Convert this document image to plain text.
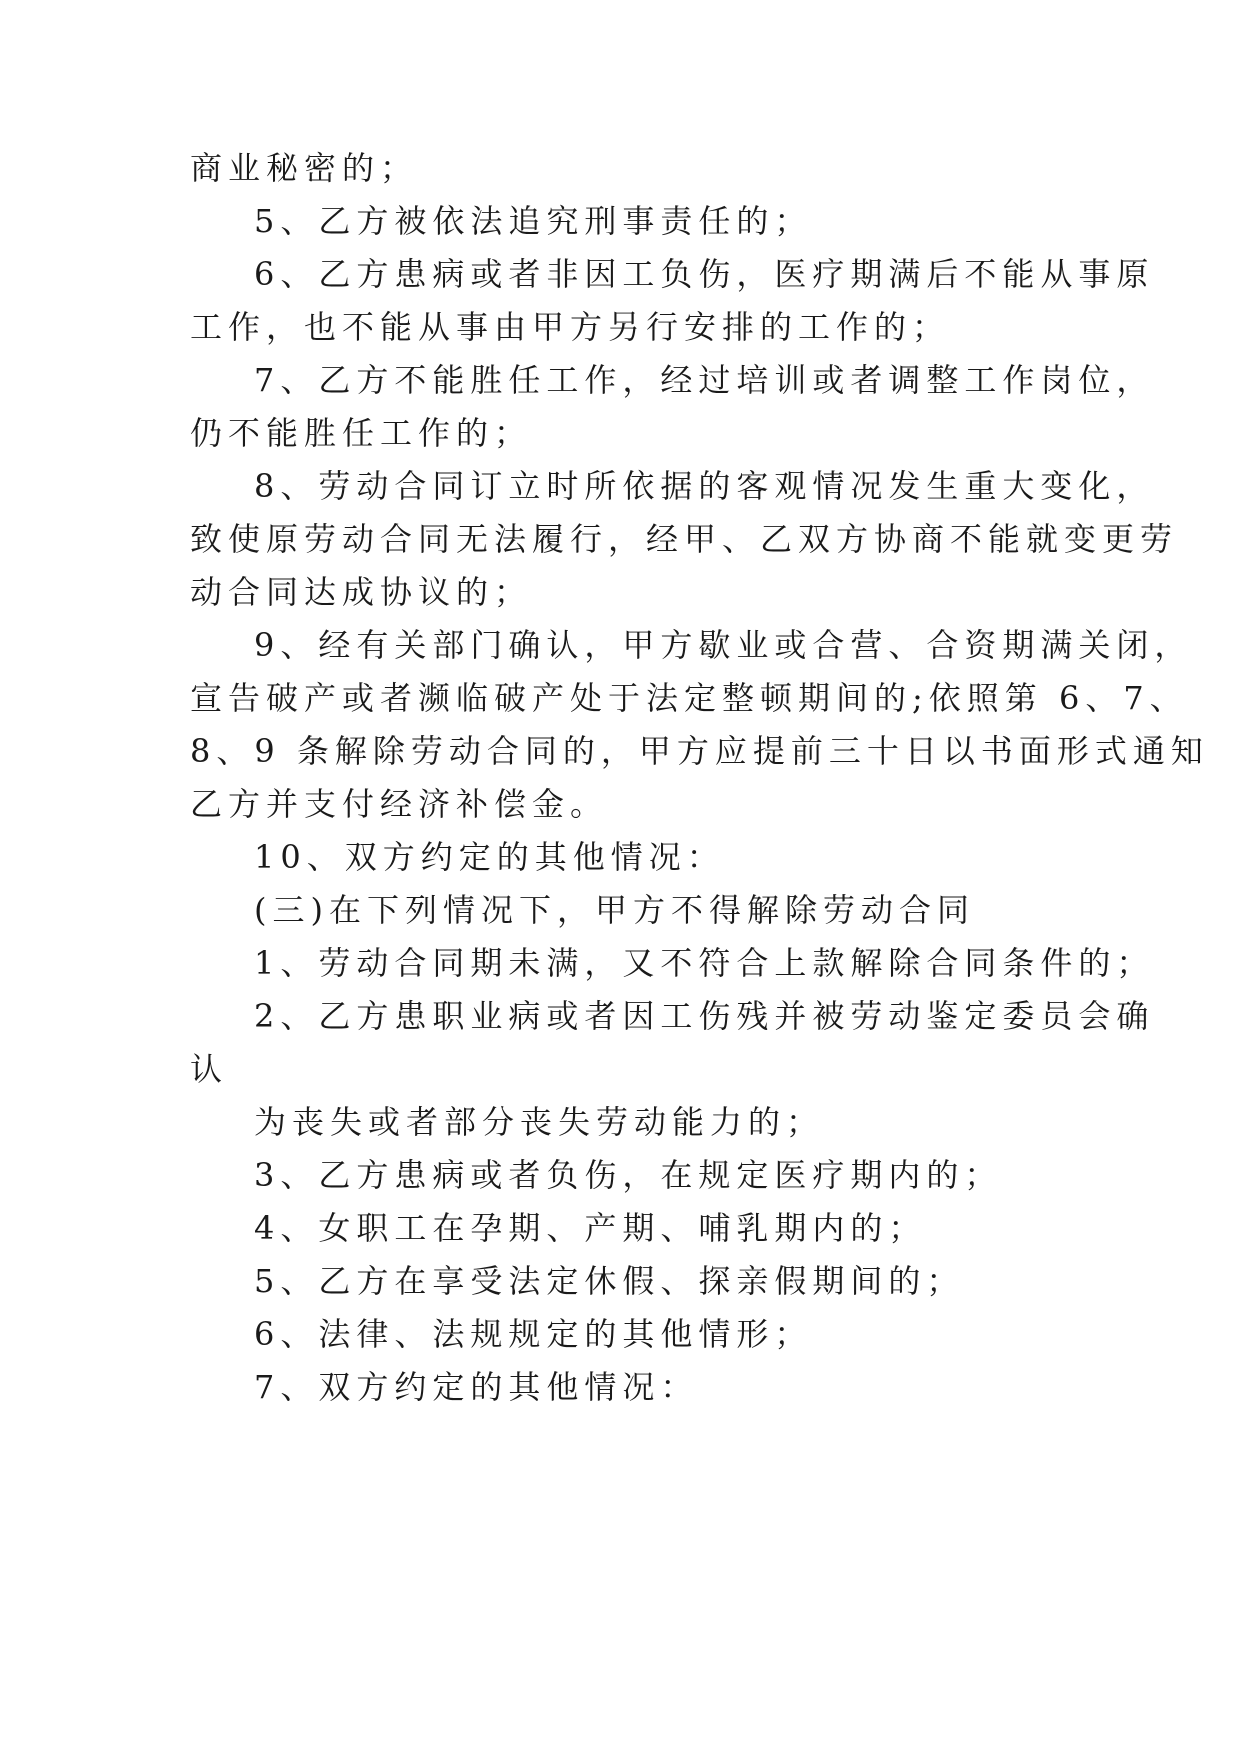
商业秘密的；
5、乙方被依法追究刑事责任的；
6、乙方患病或者非因工负伤，医疗期满后不能从事原
工作，也不能从事由甲方另行安排的工作的；
7、乙方不能胜任工作，经过培训或者调整工作岗位，
仍不能胜任工作的；
8、劳动合同订立时所依据的客观情况发生重大变化，
致使原劳动合同无法履行，经甲、乙双方协商不能就变更劳
动合同达成协议的；
9、经有关部门确认，甲方歇业或合营、合资期满关闭，
宣告破产或者濒临破产处于法定整顿期间的;依照第 6、7、
8、9 条解除劳动合同的，甲方应提前三十日以书面形式通知
乙方并支付经济补偿金。
10、双方约定的其他情况：
(三)在下列情况下，甲方不得解除劳动合同
1、劳动合同期未满，又不符合上款解除合同条件的；
2、乙方患职业病或者因工伤残并被劳动鉴定委员会确
认
为丧失或者部分丧失劳动能力的；
3、乙方患病或者负伤，在规定医疗期内的；
4、女职工在孕期、产期、哺乳期内的；
5、乙方在享受法定休假、探亲假期间的；
6、法律、法规规定的其他情形；
7、双方约定的其他情况：
